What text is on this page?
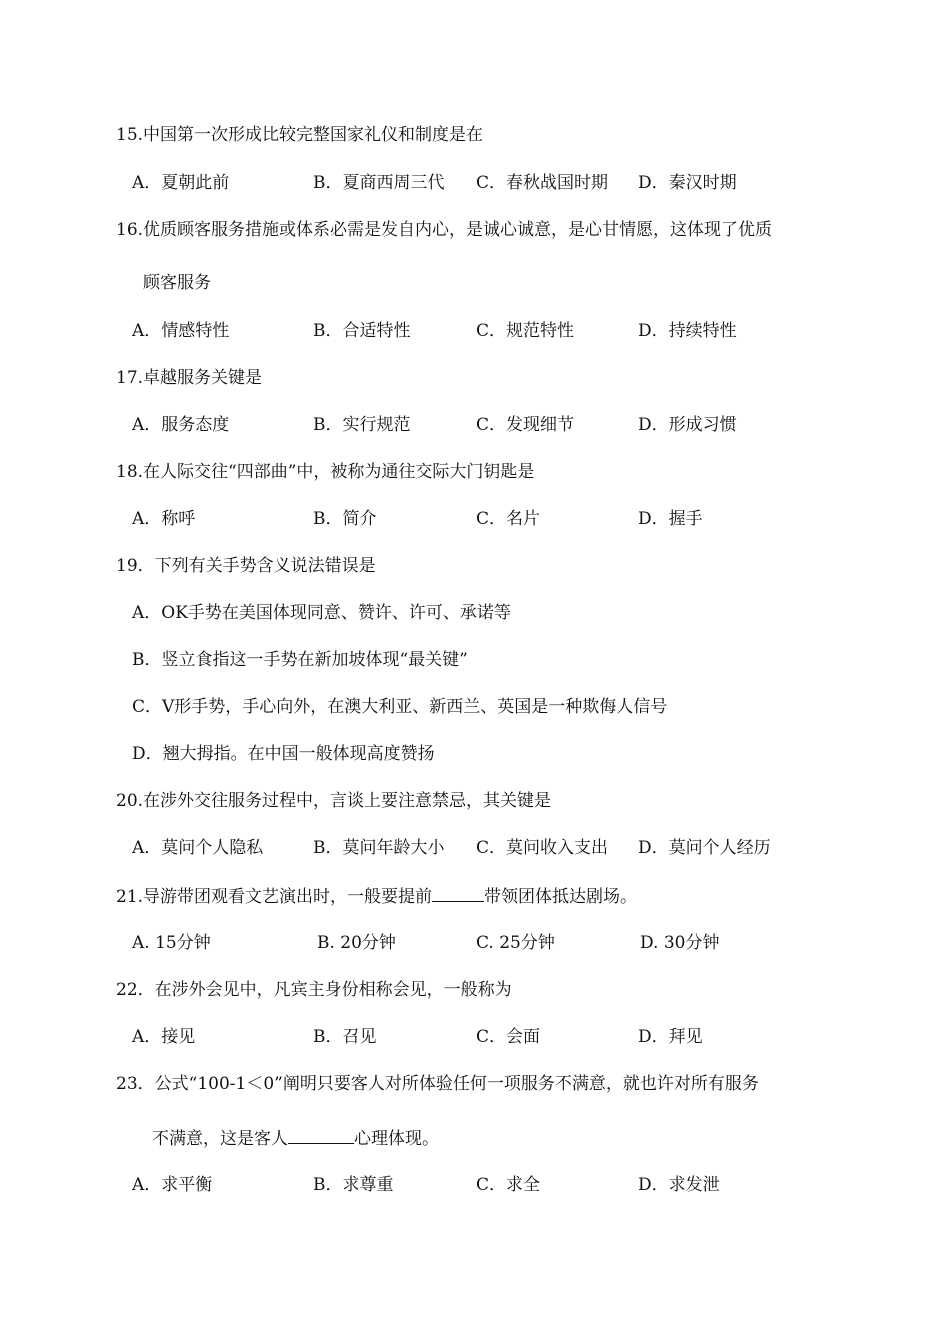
15.中国第一次形成比较完整国家礼仪和制度是在
A．夏朝此前	B．夏商西周三代 C．春秋战国时期 D．秦汉时期
16.优质顾客服务措施或体系必需是发自内心，是诚心诚意，是心甘情愿，这体现了优质
顾客服务
A．情感特性	B．合适特性	C．规范特性	D．持续特性
17.卓越服务关键是
A．服务态度	B．实行规范	C．发现细节	D．形成习惯
18.在人际交往“四部曲”中，被称为通往交际大门钥匙是
A．称呼	B．简介	C．名片	D．握手
19．下列有关手势含义说法错误是
A．OK手势在美国体现同意、赞许、许可、承诺等
B．竖立食指这一手势在新加坡体现“最关键”
C．V形手势，手心向外，在澳大利亚、新西兰、英国是一种欺侮人信号
D．翘大拇指。在中国一般体现高度赞扬
20.在涉外交往服务过程中，言谈上要注意禁忌，其关键是
A．莫问个人隐私	B．莫问年龄大小 C．莫问收入支出 D．莫问个人经历
21.导游带团观看文艺演出时，一般要提前	带领团体抵达剧场。
A. 15分钟	B. 20分钟	C. 25分钟	D. 30分钟
22．在涉外会见中，凡宾主身份相称会见，一般称为
A．接见	B．召见	C．会面	D．拜见
23．公式“100-1＜0”阐明只要客人对所体验任何一项服务不满意，就也许对所有服务
不满意，这是客人	心理体现。
A．求平衡	B．求尊重	C．求全	D．求发泄
